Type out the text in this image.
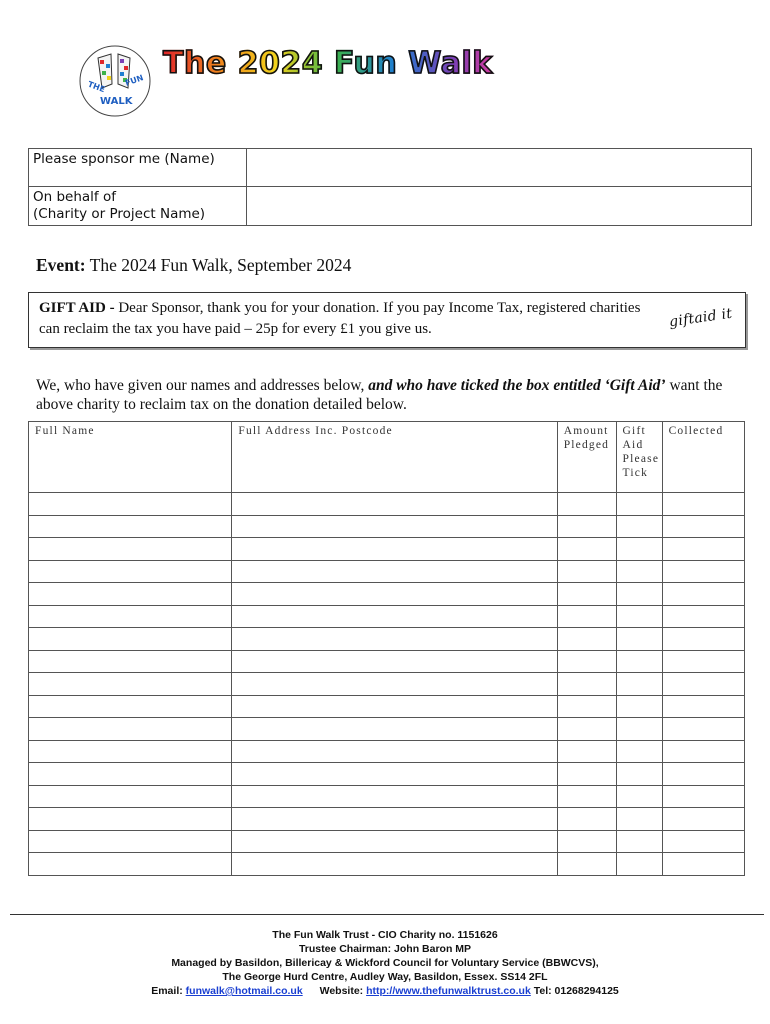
THE FUN
WALK
The 2024 Fun Walk
Please sponsor me (Name)	

On behalf of
(Charity or Project Name)	

Event: The 2024 Fun Walk, September 2024
GIFT AID - Dear Sponsor, thank you for your donation. If you pay Income Tax, registered charities can reclaim the tax you have paid – 25p for every £1 you give us.	giftaid it
We, who have given our names and addresses below, and who have ticked the box entitled ‘Gift Aid’ want the above charity to reclaim tax on the donation detailed below.
Full Name	Full Address Inc. Postcode	Amount Pledged	Gift Aid Please Tick	Collected

The Fun Walk Trust - CIO Charity no. 1151626
Trustee Chairman: John Baron MP
Managed by Basildon, Billericay & Wickford Council for Voluntary Service (BBWCVS),
The George Hurd Centre, Audley Way, Basildon, Essex. SS14 2FL
Email: funwalk@hotmail.co.uk Website: http://www.thefunwalktrust.co.uk Tel: 01268294125
